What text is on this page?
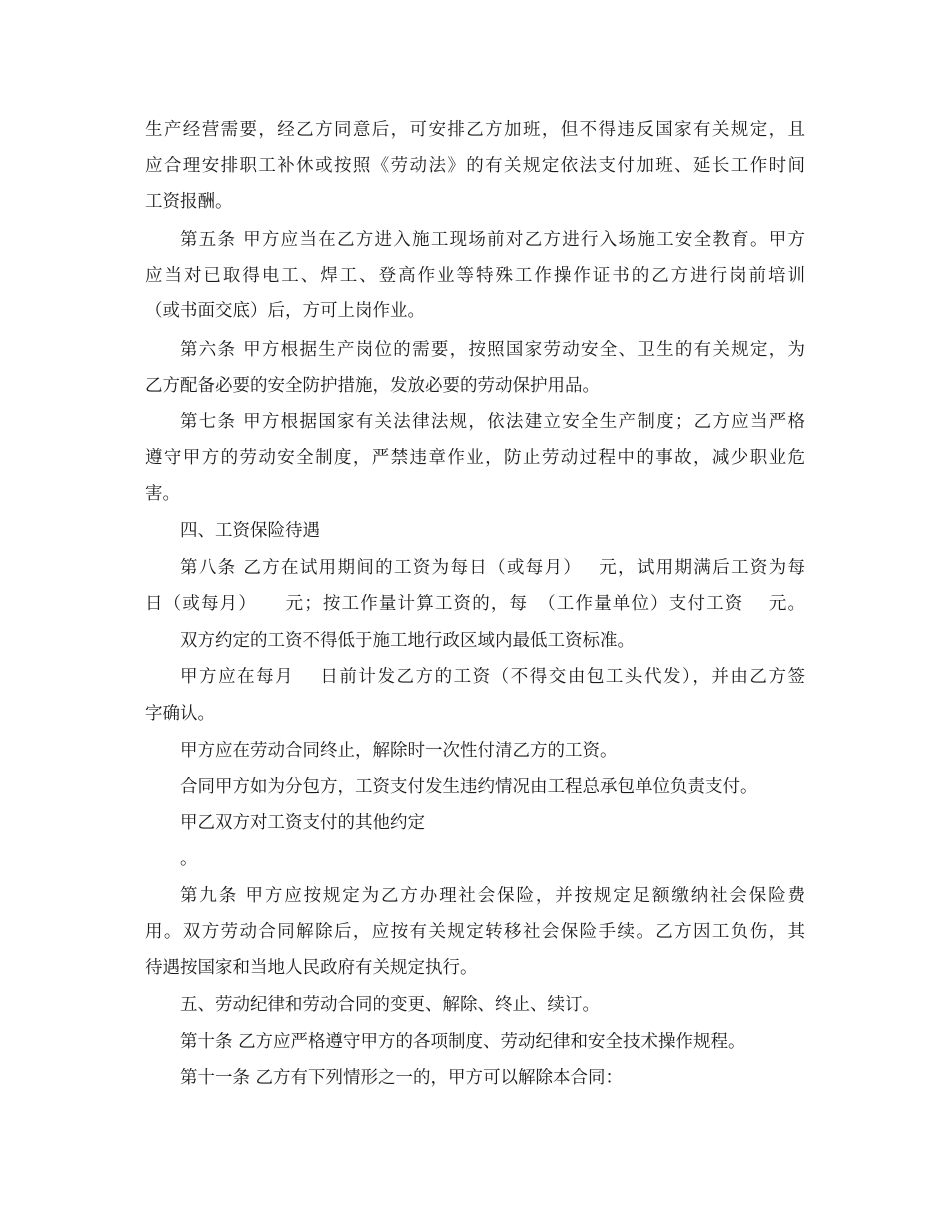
生产经营需要，经乙方同意后，可安排乙方加班，但不得违反国家有关规定，且
应合理安排职工补休或按照《劳动法》的有关规定依法支付加班、延长工作时间
工资报酬。
第五条 甲方应当在乙方进入施工现场前对乙方进行入场施工安全教育。甲方
应当对已取得电工、焊工、登高作业等特殊工作操作证书的乙方进行岗前培训
（或书面交底）后，方可上岗作业。
第六条 甲方根据生产岗位的需要，按照国家劳动安全、卫生的有关规定，为
乙方配备必要的安全防护措施，发放必要的劳动保护用品。
第七条 甲方根据国家有关法律法规，依法建立安全生产制度；乙方应当严格
遵守甲方的劳动安全制度，严禁违章作业，防止劳动过程中的事故，减少职业危
害。
四、工资保险待遇
第八条 乙方在试用期间的工资为每日（或每月）　 元，试用期满后工资为每
日（或每月）　　元；按工作量计算工资的，每　（工作量单位）支付工资　 元。
双方约定的工资不得低于施工地行政区域内最低工资标准。
甲方应在每月　 日前计发乙方的工资（不得交由包工头代发），并由乙方签
字确认。
甲方应在劳动合同终止，解除时一次性付清乙方的工资。
合同甲方如为分包方，工资支付发生违约情况由工程总承包单位负责支付。
甲乙双方对工资支付的其他约定
。
第九条 甲方应按规定为乙方办理社会保险，并按规定足额缴纳社会保险费
用。双方劳动合同解除后，应按有关规定转移社会保险手续。乙方因工负伤，其
待遇按国家和当地人民政府有关规定执行。
五、劳动纪律和劳动合同的变更、解除、终止、续订。
第十条 乙方应严格遵守甲方的各项制度、劳动纪律和安全技术操作规程。
第十一条 乙方有下列情形之一的，甲方可以解除本合同：
